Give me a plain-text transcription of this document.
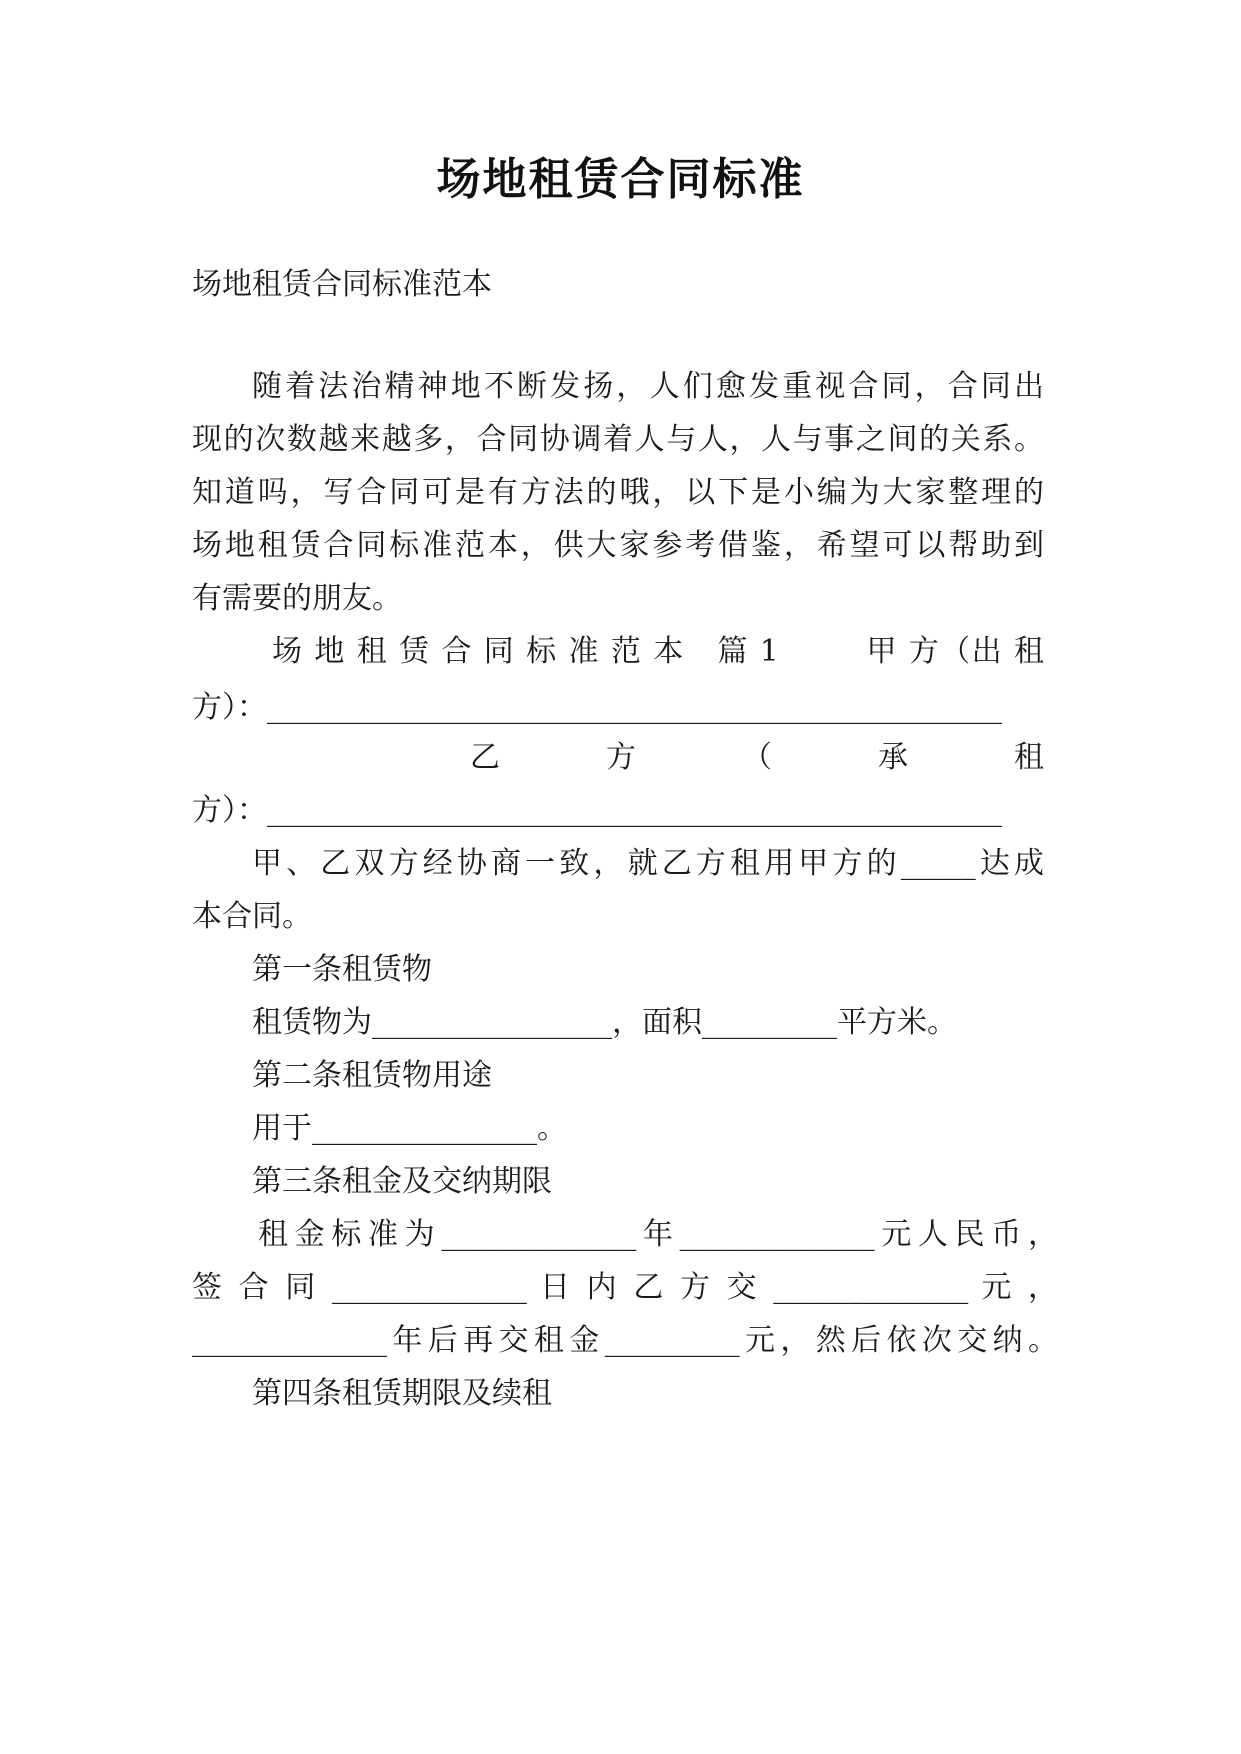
场地租赁合同标准
场地租赁合同标准范本
随着法治精神地不断发扬，人们愈发重视合同，合同出
现的次数越来越多，合同协调着人与人，人与事之间的关系。
知道吗，写合同可是有方法的哦，以下是小编为大家整理的
场地租赁合同标准范本，供大家参考借鉴，希望可以帮助到
有需要的朋友。
场 地 租 赁 合 同 标 准 范 本   篇 1        甲 方（出 租
方）：_________________________________________________
乙        方        （        承        租
方）：_________________________________________________
甲、乙双方经协商一致，就乙方租用甲方的_____达成
本合同。
第一条租赁物
租赁物为________________，面积_________平方米。
第二条租赁物用途
用于_______________。
第三条租金及交纳期限
租金标准为_____________年_____________元人民币，
签 合 同 _____________ 日 内 乙 方 交 _____________ 元 ，
_____________年后再交租金_________元，然后依次交纳。
第四条租赁期限及续租
